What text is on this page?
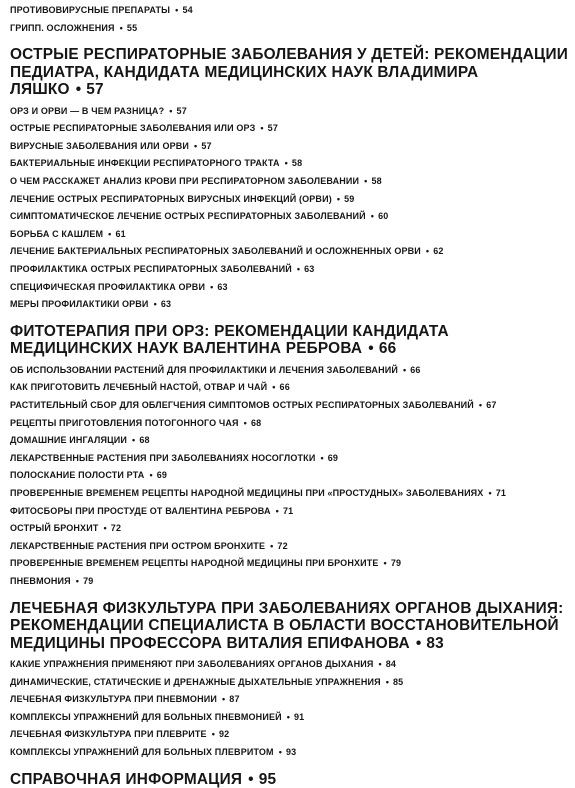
ПРОТИВОВИРУСНЫЕ ПРЕПАРАТЫ • 54
ГРИПП. ОСЛОЖНЕНИЯ • 55
ОСТРЫЕ РЕСПИРАТОРНЫЕ ЗАБОЛЕВАНИЯ У ДЕТЕЙ: РЕКОМЕНДАЦИИ
ПЕДИАТРА, КАНДИДАТА МЕДИЦИНСКИХ НАУК ВЛАДИМИРА ЛЯШКО • 57
ОРЗ И ОРВИ — В ЧЕМ РАЗНИЦА? • 57
ОСТРЫЕ РЕСПИРАТОРНЫЕ ЗАБОЛЕВАНИЯ ИЛИ ОРЗ • 57
ВИРУСНЫЕ ЗАБОЛЕВАНИЯ ИЛИ ОРВИ • 57
БАКТЕРИАЛЬНЫЕ ИНФЕКЦИИ РЕСПИРАТОРНОГО ТРАКТА • 58
О ЧЕМ РАССКАЖЕТ АНАЛИЗ КРОВИ ПРИ РЕСПИРАТОРНОМ ЗАБОЛЕВАНИИ • 58
ЛЕЧЕНИЕ ОСТРЫХ РЕСПИРАТОРНЫХ ВИРУСНЫХ ИНФЕКЦИЙ (ОРВИ) • 59
СИМПТОМАТИЧЕСКОЕ ЛЕЧЕНИЕ ОСТРЫХ РЕСПИРАТОРНЫХ ЗАБОЛЕВАНИЙ • 60
БОРЬБА С КАШЛЕМ • 61
ЛЕЧЕНИЕ БАКТЕРИАЛЬНЫХ РЕСПИРАТОРНЫХ ЗАБОЛЕВАНИЙ И ОСЛОЖНЕННЫХ ОРВИ • 62
ПРОФИЛАКТИКА ОСТРЫХ РЕСПИРАТОРНЫХ ЗАБОЛЕВАНИЙ • 63
СПЕЦИФИЧЕСКАЯ ПРОФИЛАКТИКА ОРВИ • 63
МЕРЫ ПРОФИЛАКТИКИ ОРВИ • 63
ФИТОТЕРАПИЯ ПРИ ОРЗ: РЕКОМЕНДАЦИИ КАНДИДАТА
МЕДИЦИНСКИХ НАУК ВАЛЕНТИНА РЕБРОВА • 66
ОБ ИСПОЛЬЗОВАНИИ РАСТЕНИЙ ДЛЯ ПРОФИЛАКТИКИ И ЛЕЧЕНИЯ ЗАБОЛЕВАНИЙ • 66
КАК ПРИГОТОВИТЬ ЛЕЧЕБНЫЙ НАСТОЙ, ОТВАР И ЧАЙ • 66
РАСТИТЕЛЬНЫЙ СБОР ДЛЯ ОБЛЕГЧЕНИЯ СИМПТОМОВ ОСТРЫХ РЕСПИРАТОРНЫХ ЗАБОЛЕВАНИЙ • 67
РЕЦЕПТЫ ПРИГОТОВЛЕНИЯ ПОТОГОННОГО ЧАЯ • 68
ДОМАШНИЕ ИНГАЛЯЦИИ • 68
ЛЕКАРСТВЕННЫЕ РАСТЕНИЯ ПРИ ЗАБОЛЕВАНИЯХ НОСОГЛОТКИ • 69
ПОЛОСКАНИЕ ПОЛОСТИ РТА • 69
ПРОВЕРЕННЫЕ ВРЕМЕНЕМ РЕЦЕПТЫ НАРОДНОЙ МЕДИЦИНЫ ПРИ «ПРОСТУДНЫХ» ЗАБОЛЕВАНИЯХ • 71
ФИТОСБОРЫ ПРИ ПРОСТУДЕ ОТ ВАЛЕНТИНА РЕБРОВА • 71
ОСТРЫЙ БРОНХИТ • 72
ЛЕКАРСТВЕННЫЕ РАСТЕНИЯ ПРИ ОСТРОМ БРОНХИТЕ • 72
ПРОВЕРЕННЫЕ ВРЕМЕНЕМ РЕЦЕПТЫ НАРОДНОЙ МЕДИЦИНЫ ПРИ БРОНХИТЕ • 79
ПНЕВМОНИЯ • 79
ЛЕЧЕБНАЯ ФИЗКУЛЬТУРА ПРИ ЗАБОЛЕВАНИЯХ ОРГАНОВ ДЫХАНИЯ:
РЕКОМЕНДАЦИИ СПЕЦИАЛИСТА В ОБЛАСТИ ВОССТАНОВИТЕЛЬНОЙ
МЕДИЦИНЫ ПРОФЕССОРА ВИТАЛИЯ ЕПИФАНОВА • 83
КАКИЕ УПРАЖНЕНИЯ ПРИМЕНЯЮТ ПРИ ЗАБОЛЕВАНИЯХ ОРГАНОВ ДЫХАНИЯ • 84
ДИНАМИЧЕСКИЕ, СТАТИЧЕСКИЕ И ДРЕНАЖНЫЕ ДЫХАТЕЛЬНЫЕ УПРАЖНЕНИЯ • 85
ЛЕЧЕБНАЯ ФИЗКУЛЬТУРА ПРИ ПНЕВМОНИИ • 87
КОМПЛЕКСЫ УПРАЖНЕНИЙ ДЛЯ БОЛЬНЫХ ПНЕВМОНИЕЙ • 91
ЛЕЧЕБНАЯ ФИЗКУЛЬТУРА ПРИ ПЛЕВРИТЕ • 92
КОМПЛЕКСЫ УПРАЖНЕНИЙ ДЛЯ БОЛЬНЫХ ПЛЕВРИТОМ • 93
СПРАВОЧНАЯ ИНФОРМАЦИЯ • 95
